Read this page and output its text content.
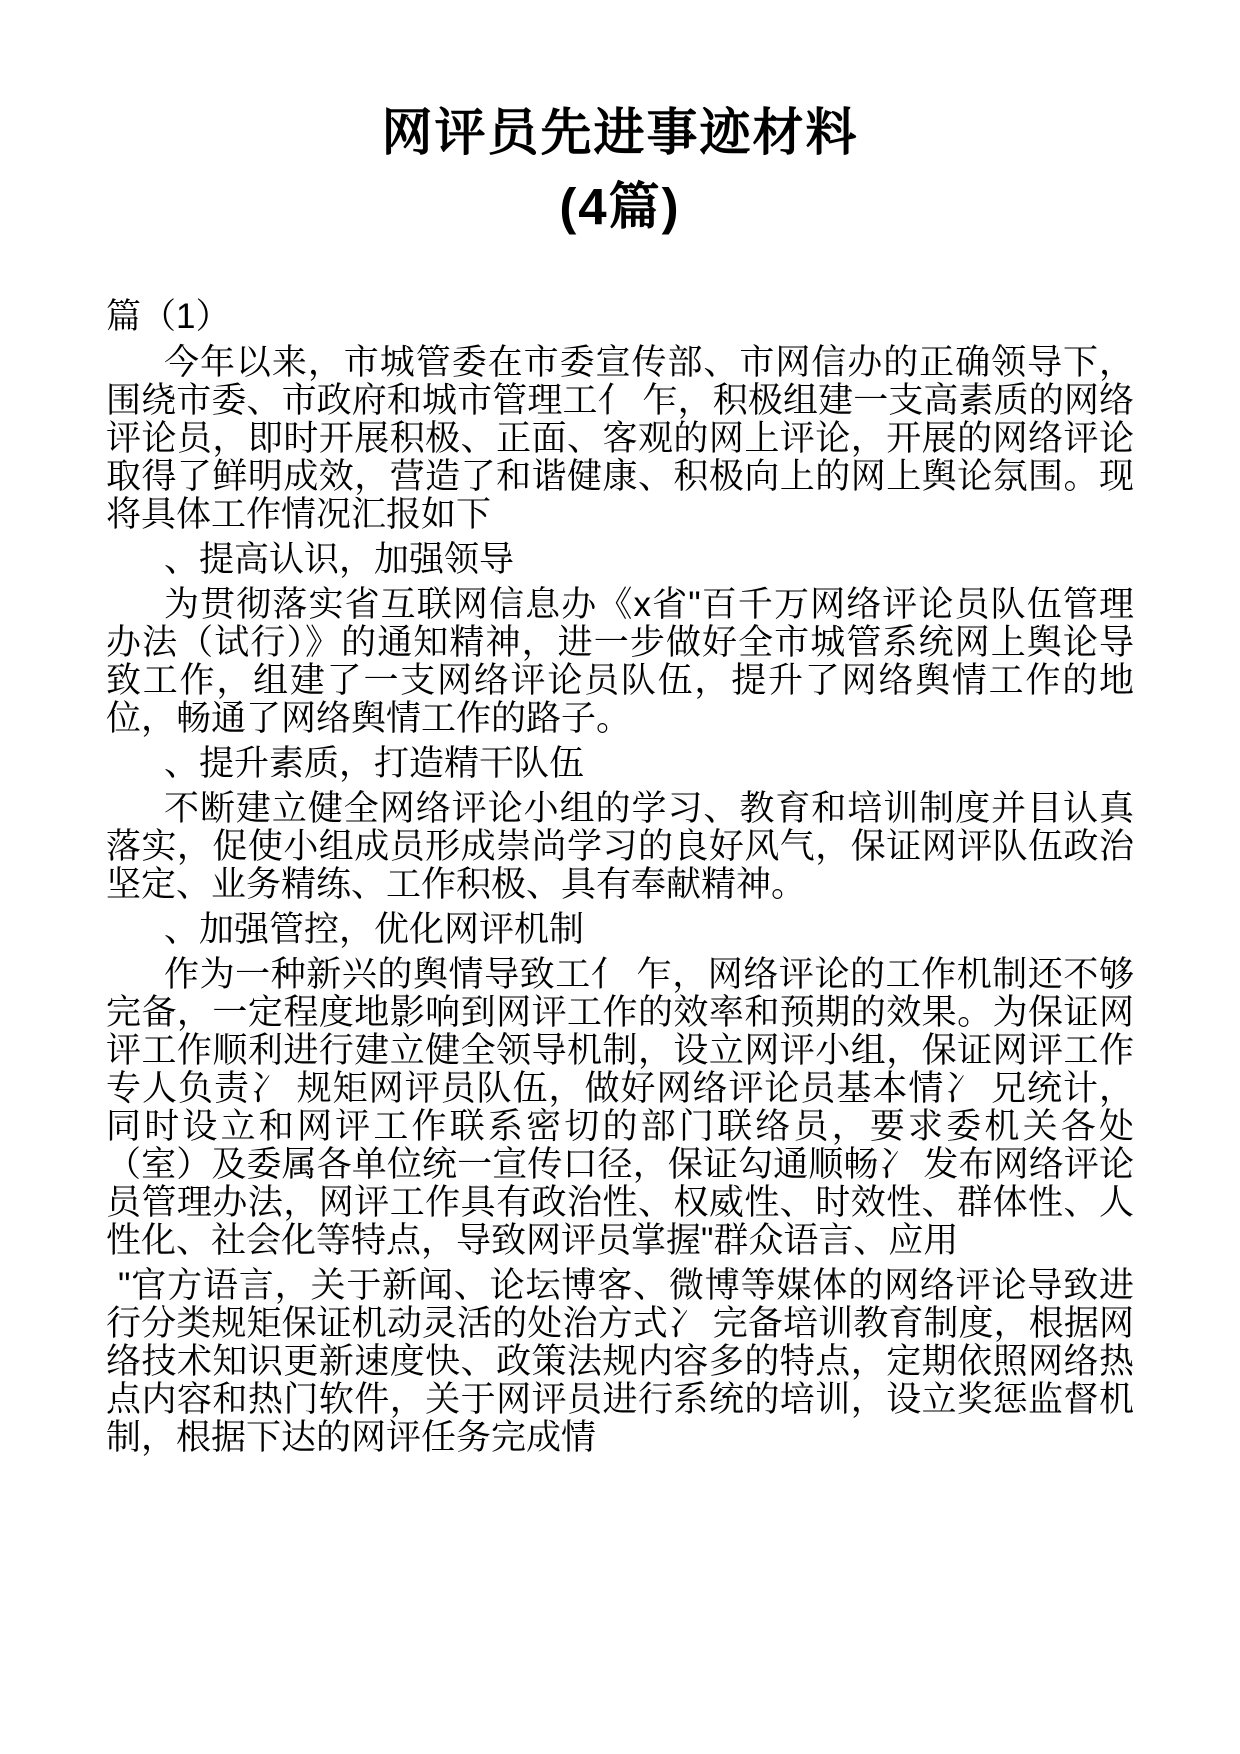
网评员先进事迹材料
(4篇)

篇（1）

今年以来，市城管委在市委宣传部、市网信办的正确领导下，围绕市委、市政府和城市管理工亻 乍，积极组建一支高素质的网络评论员，即时开展积极、正面、客观的网上评论，开展的网络评论取得了鲜明成效，营造了和谐健康、积极向上的网上舆论氛围。现将具体工作情况汇报如下

、提高认识，加强领导

为贯彻落实省互联网信息办《x省"百千万网络评论员队伍管理办法（试行）》的通知精神，进一步做好全市城管系统网上舆论导致工作，组建了一支网络评论员队伍，提升了网络舆情工作的地位，畅通了网络舆情工作的路子。

、提升素质，打造精干队伍

不断建立健全网络评论小组的学习、教育和培训制度并目认真落实，促使小组成员形成崇尚学习的良好风气，保证网评队伍政治坚定、业务精练、工作积极、具有奉献精神。

、加强管控，优化网评机制

作为一种新兴的舆情导致工亻 乍，网络评论的工作机制还不够完备，一定程度地影响到网评工作的效率和预期的效果。为保证网评工作顺利进行建立健全领导机制，设立网评小组，保证网评工作专人负责冫 规矩网评员队伍，做好网络评论员基本情冫 兄统计，同时设立和网评工作联系密切的部门联络员，要求委机关各处（室）及委属各单位统一宣传口径，保证勾通顺畅冫 发布网络评论员管理办法，网评工作具有政治性、权威性、时效性、群体性、人性化、社会化等特点，导致网评员掌握"群众语言、应用

"官方语言，关于新闻、论坛博客、微博等媒体的网络评论导致进行分类规矩保证机动灵活的处治方式冫 完备培训教育制度，根据网络技术知识更新速度快、政策法规内容多的特点，定期依照网络热点内容和热门软件，关于网评员进行系统的培训，设立奖惩监督机制，根据下达的网评任务完成情
